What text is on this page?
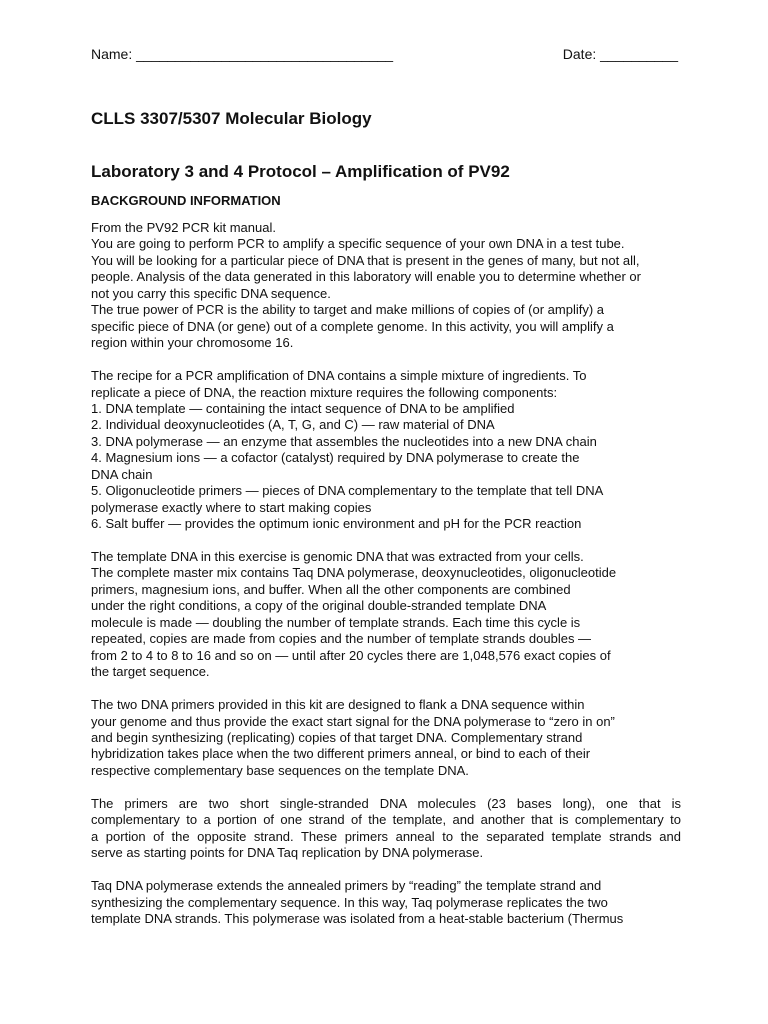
Name: _________________________________	Date: __________
CLLS 3307/5307 Molecular Biology
Laboratory 3 and 4 Protocol – Amplification of PV92
BACKGROUND INFORMATION
From the PV92 PCR kit manual.
You are going to perform PCR to amplify a specific sequence of your own DNA in a test tube.
You will be looking for a particular piece of DNA that is present in the genes of many, but not all,
people. Analysis of the data generated in this laboratory will enable you to determine whether or
not you carry this specific DNA sequence.
The true power of PCR is the ability to target and make millions of copies of (or amplify) a
specific piece of DNA (or gene) out of a complete genome. In this activity, you will amplify a
region within your chromosome 16.
The recipe for a PCR amplification of DNA contains a simple mixture of ingredients. To
replicate a piece of DNA, the reaction mixture requires the following components:
1. DNA template — containing the intact sequence of DNA to be amplified
2. Individual deoxynucleotides (A, T, G, and C) — raw material of DNA
3. DNA polymerase — an enzyme that assembles the nucleotides into a new DNA chain
4. Magnesium ions — a cofactor (catalyst) required by DNA polymerase to create the
DNA chain
5. Oligonucleotide primers — pieces of DNA complementary to the template that tell DNA
polymerase exactly where to start making copies
6. Salt buffer — provides the optimum ionic environment and pH for the PCR reaction
The template DNA in this exercise is genomic DNA that was extracted from your cells.
The complete master mix contains Taq DNA polymerase, deoxynucleotides, oligonucleotide
primers, magnesium ions, and buffer. When all the other components are combined
under the right conditions, a copy of the original double-stranded template DNA
molecule is made — doubling the number of template strands. Each time this cycle is
repeated, copies are made from copies and the number of template strands doubles —
from 2 to 4 to 8 to 16 and so on — until after 20 cycles there are 1,048,576 exact copies of
the target sequence.
The two DNA primers provided in this kit are designed to flank a DNA sequence within
your genome and thus provide the exact start signal for the DNA polymerase to “zero in on”
and begin synthesizing (replicating) copies of that target DNA. Complementary strand
hybridization takes place when the two different primers anneal, or bind to each of their
respective complementary base sequences on the template DNA.
The primers are two short single-stranded DNA molecules (23 bases long), one that is
complementary to a portion of one strand of the template, and another that is complementary to
a portion of the opposite strand. These primers anneal to the separated template strands and
serve as starting points for DNA Taq replication by DNA polymerase.
Taq DNA polymerase extends the annealed primers by “reading” the template strand and
synthesizing the complementary sequence. In this way, Taq polymerase replicates the two
template DNA strands. This polymerase was isolated from a heat-stable bacterium (Thermus
